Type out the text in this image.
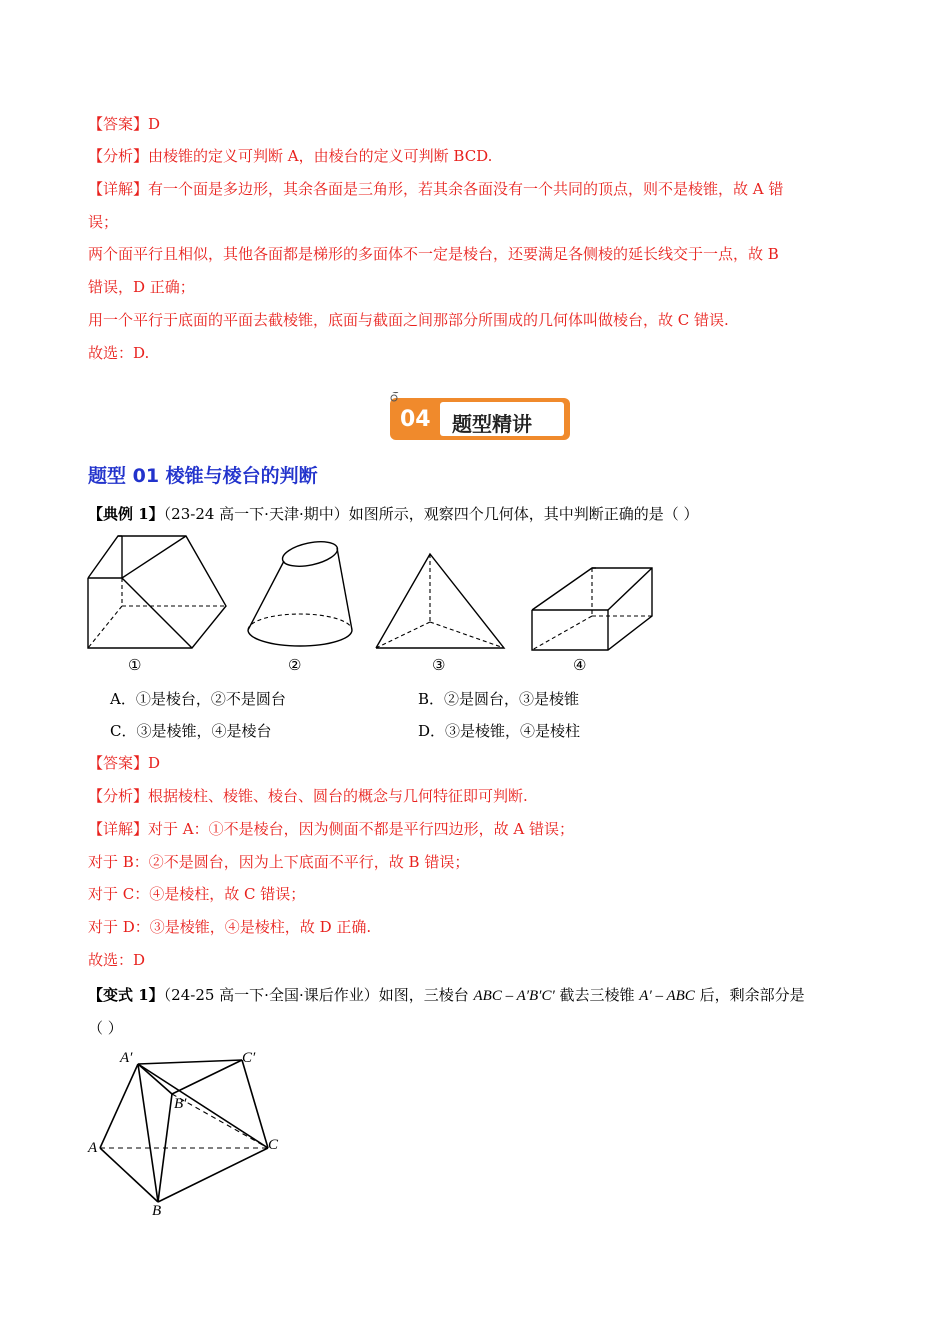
【答案】D
【分析】由棱锥的定义可判断 A，由棱台的定义可判断 BCD.
【详解】有一个面是多边形，其余各面是三角形，若其余各面没有一个共同的顶点，则不是棱锥，故 A 错
误；
两个面平行且相似，其他各面都是梯形的多面体不一定是棱台，还要满足各侧棱的延长线交于一点，故 B
错误，D 正确；
用一个平行于底面的平面去截棱锥，底面与截面之间那部分所围成的几何体叫做棱台，故 C 错误.
故选：D.
04 题型精讲
题型 01 棱锥与棱台的判断
【典例 1】（23-24 高一下·天津·期中）如图所示，观察四个几何体，其中判断正确的是（ ）
①	②	③	④
A．①是棱台，②不是圆台	B．②是圆台，③是棱锥
C．③是棱锥，④是棱台	D．③是棱锥，④是棱柱
【答案】D
【分析】根据棱柱、棱锥、棱台、圆台的概念与几何特征即可判断.
【详解】对于 A：①不是棱台，因为侧面不都是平行四边形，故 A 错误；
对于 B：②不是圆台，因为上下底面不平行，故 B 错误；
对于 C：④是棱柱，故 C 错误；
对于 D：③是棱锥，④是棱柱，故 D 正确.
故选：D
【变式 1】（24-25 高一下·全国·课后作业）如图，三棱台 ABC – A′B′C′ 截去三棱锥 A′ – ABC 后，剩余部分是
（ ）
A′	C′
B′
A	C
B
